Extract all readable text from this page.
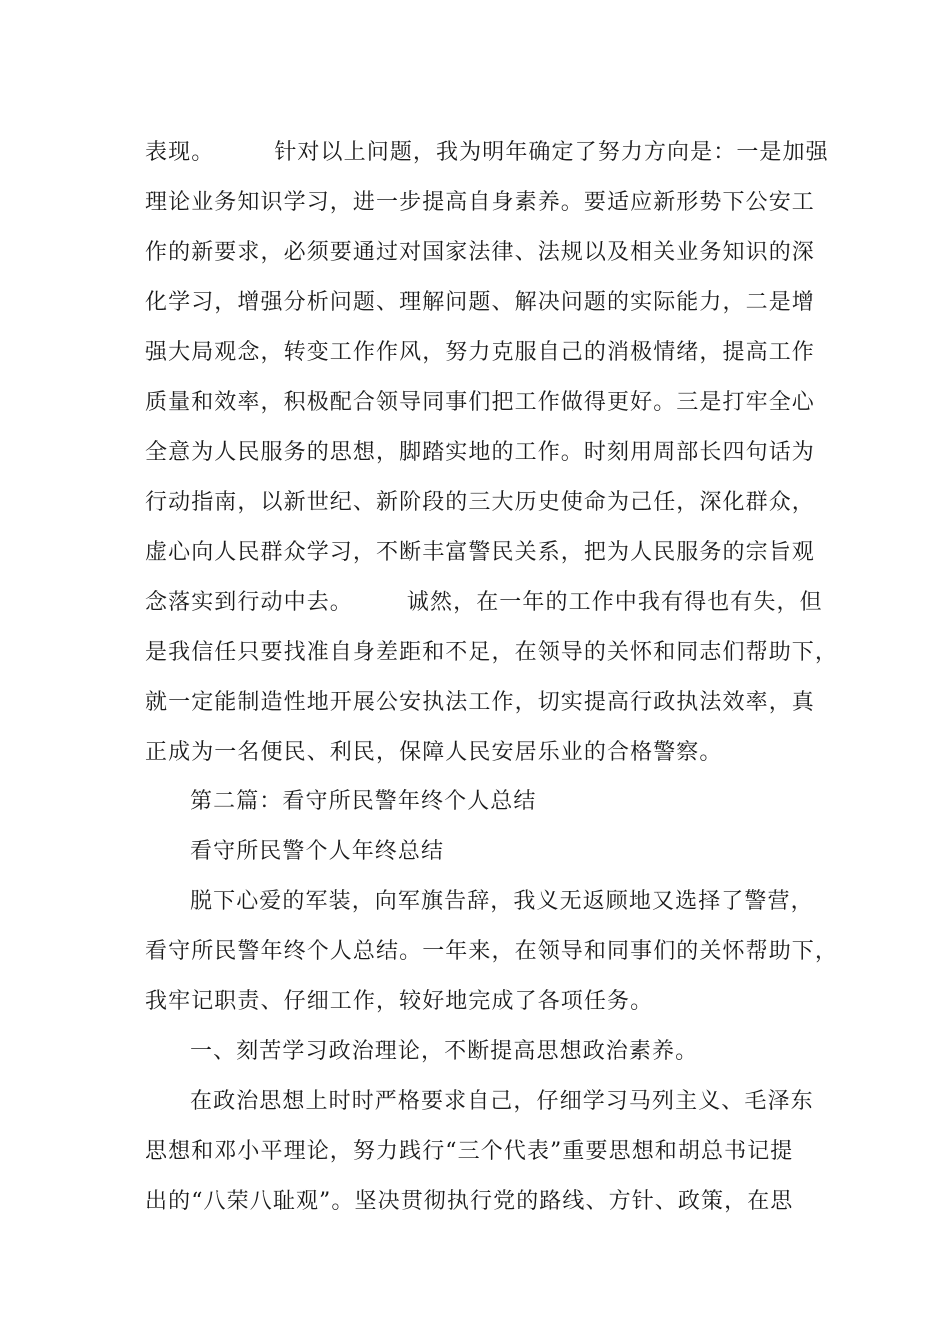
表现。	针对以上问题，我为明年确定了努力方向是：一是加强
理论业务知识学习，进一步提高自身素养。要适应新形势下公安工
作的新要求，必须要通过对国家法律、法规以及相关业务知识的深
化学习，增强分析问题、理解问题、解决问题的实际能力，二是增
强大局观念，转变工作作风，努力克服自己的消极情绪，提高工作
质量和效率，积极配合领导同事们把工作做得更好。三是打牢全心
全意为人民服务的思想，脚踏实地的工作。时刻用周部长四句话为
行动指南，以新世纪、新阶段的三大历史使命为己任，深化群众，
虚心向人民群众学习，不断丰富警民关系，把为人民服务的宗旨观
念落实到行动中去。 诚然，在一年的工作中我有得也有失，但
是我信任只要找准自身差距和不足，在领导的关怀和同志们帮助下，
就一定能制造性地开展公安执法工作，切实提高行政执法效率，真
正成为一名便民、利民，保障人民安居乐业的合格警察。
第二篇：看守所民警年终个人总结
看守所民警个人年终总结
脱下心爱的军装，向军旗告辞，我义无返顾地又选择了警营，
看守所民警年终个人总结。一年来，在领导和同事们的关怀帮助下，
我牢记职责、仔细工作，较好地完成了各项任务。
一、刻苦学习政治理论，不断提高思想政治素养。
在政治思想上时时严格要求自己，仔细学习马列主义、毛泽东
思想和邓小平理论，努力践行“三个代表”重要思想和胡总书记提
出的“八荣八耻观”。坚决贯彻执行党的路线、方针、政策，在思
